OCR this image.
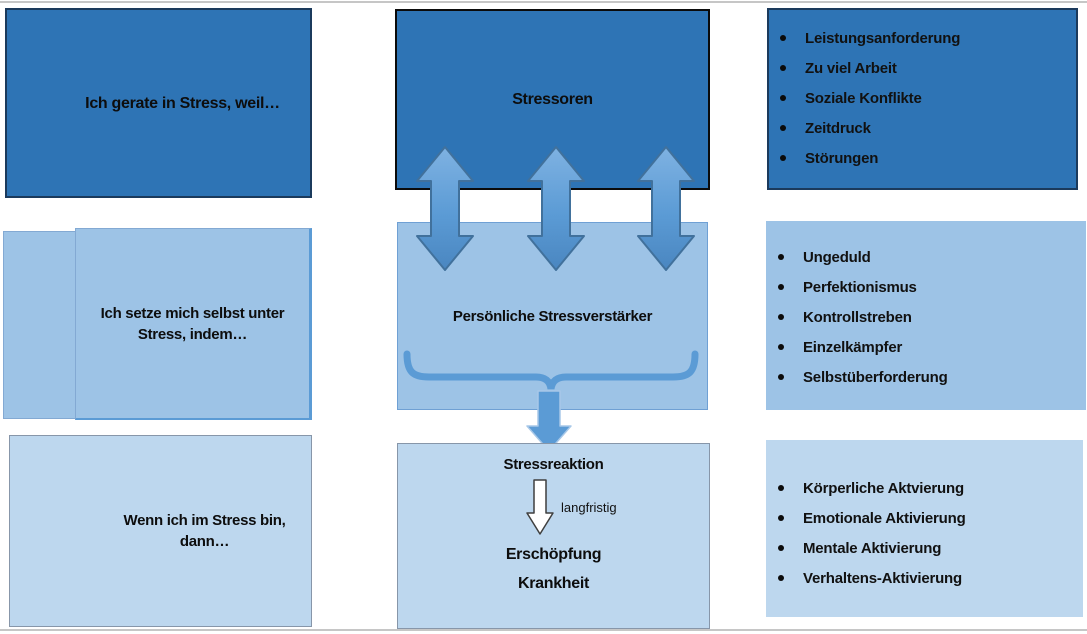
Ich gerate in Stress, weil…
Ich setze mich selbst unter
Stress, indem…
Wenn ich im Stress bin,
dann…
Stressoren
Persönliche Stressverstärker
Stressreaktion
langfristig
Erschöpfung
Krankheit
Leistungsanforderung
Zu viel Arbeit
Soziale Konflikte
Zeitdruck
Störungen
Ungeduld
Perfektionismus
Kontrollstreben
Einzelkämpfer
Selbstüberforderung
Körperliche Aktvierung
Emotionale Aktivierung
Mentale Aktivierung
Verhaltens-Aktivierung
